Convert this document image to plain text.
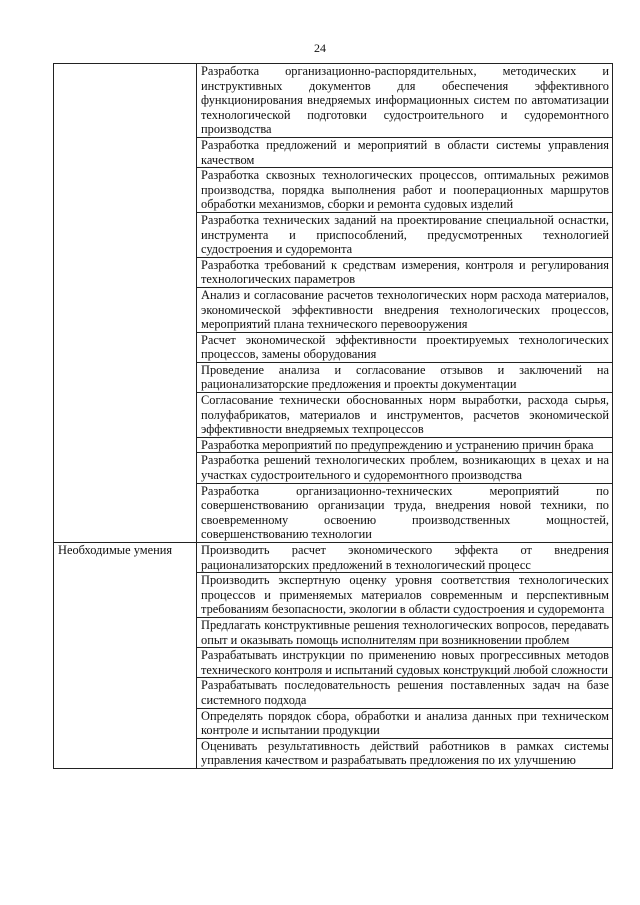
24
	Разработка организационно-распорядительных, методических и инструктивных документов для обеспечения эффективного функционирования внедряемых информационных систем по автоматизации технологической подготовки судостроительного и судоремонтного производства
	Разработка предложений и мероприятий в области системы управления качеством
	Разработка сквозных технологических процессов, оптимальных режимов производства, порядка выполнения работ и пооперационных маршрутов обработки механизмов, сборки и ремонта судовых изделий
	Разработка технических заданий на проектирование специальной оснастки, инструмента и приспособлений, предусмотренных технологией судостроения и судоремонта
	Разработка требований к средствам измерения, контроля и регулирования технологических параметров
	Анализ и согласование расчетов технологических норм расхода материалов, экономической эффективности внедрения технологических процессов, мероприятий плана технического перевооружения
	Расчет экономической эффективности проектируемых технологических процессов, замены оборудования
	Проведение анализа и согласование отзывов и заключений на рационализаторские предложения и проекты документации
	Согласование технически обоснованных норм выработки, расхода сырья, полуфабрикатов, материалов и инструментов, расчетов экономической эффективности внедряемых техпроцессов
	Разработка мероприятий по предупреждению и устранению причин брака
	Разработка решений технологических проблем, возникающих в цехах и на участках судостроительного и судоремонтного производства
	Разработка организационно-технических мероприятий по совершенствованию организации труда, внедрения новой техники, по своевременному освоению производственных мощностей, совершенствованию технологии
Необходимые умения	Производить расчет экономического эффекта от внедрения рационализаторских предложений в технологический процесс
	Производить экспертную оценку уровня соответствия технологических процессов и применяемых материалов современным и перспективным требованиям безопасности, экологии в области судостроения и судоремонта
	Предлагать конструктивные решения технологических вопросов, передавать опыт и оказывать помощь исполнителям при возникновении проблем
	Разрабатывать инструкции по применению новых прогрессивных методов технического контроля и испытаний судовых конструкций любой сложности
	Разрабатывать последовательность решения поставленных задач на базе системного подхода
	Определять порядок сбора, обработки и анализа данных при техническом контроле и испытании продукции
	Оценивать результативность действий работников в рамках системы управления качеством и разрабатывать предложения по их улучшению
